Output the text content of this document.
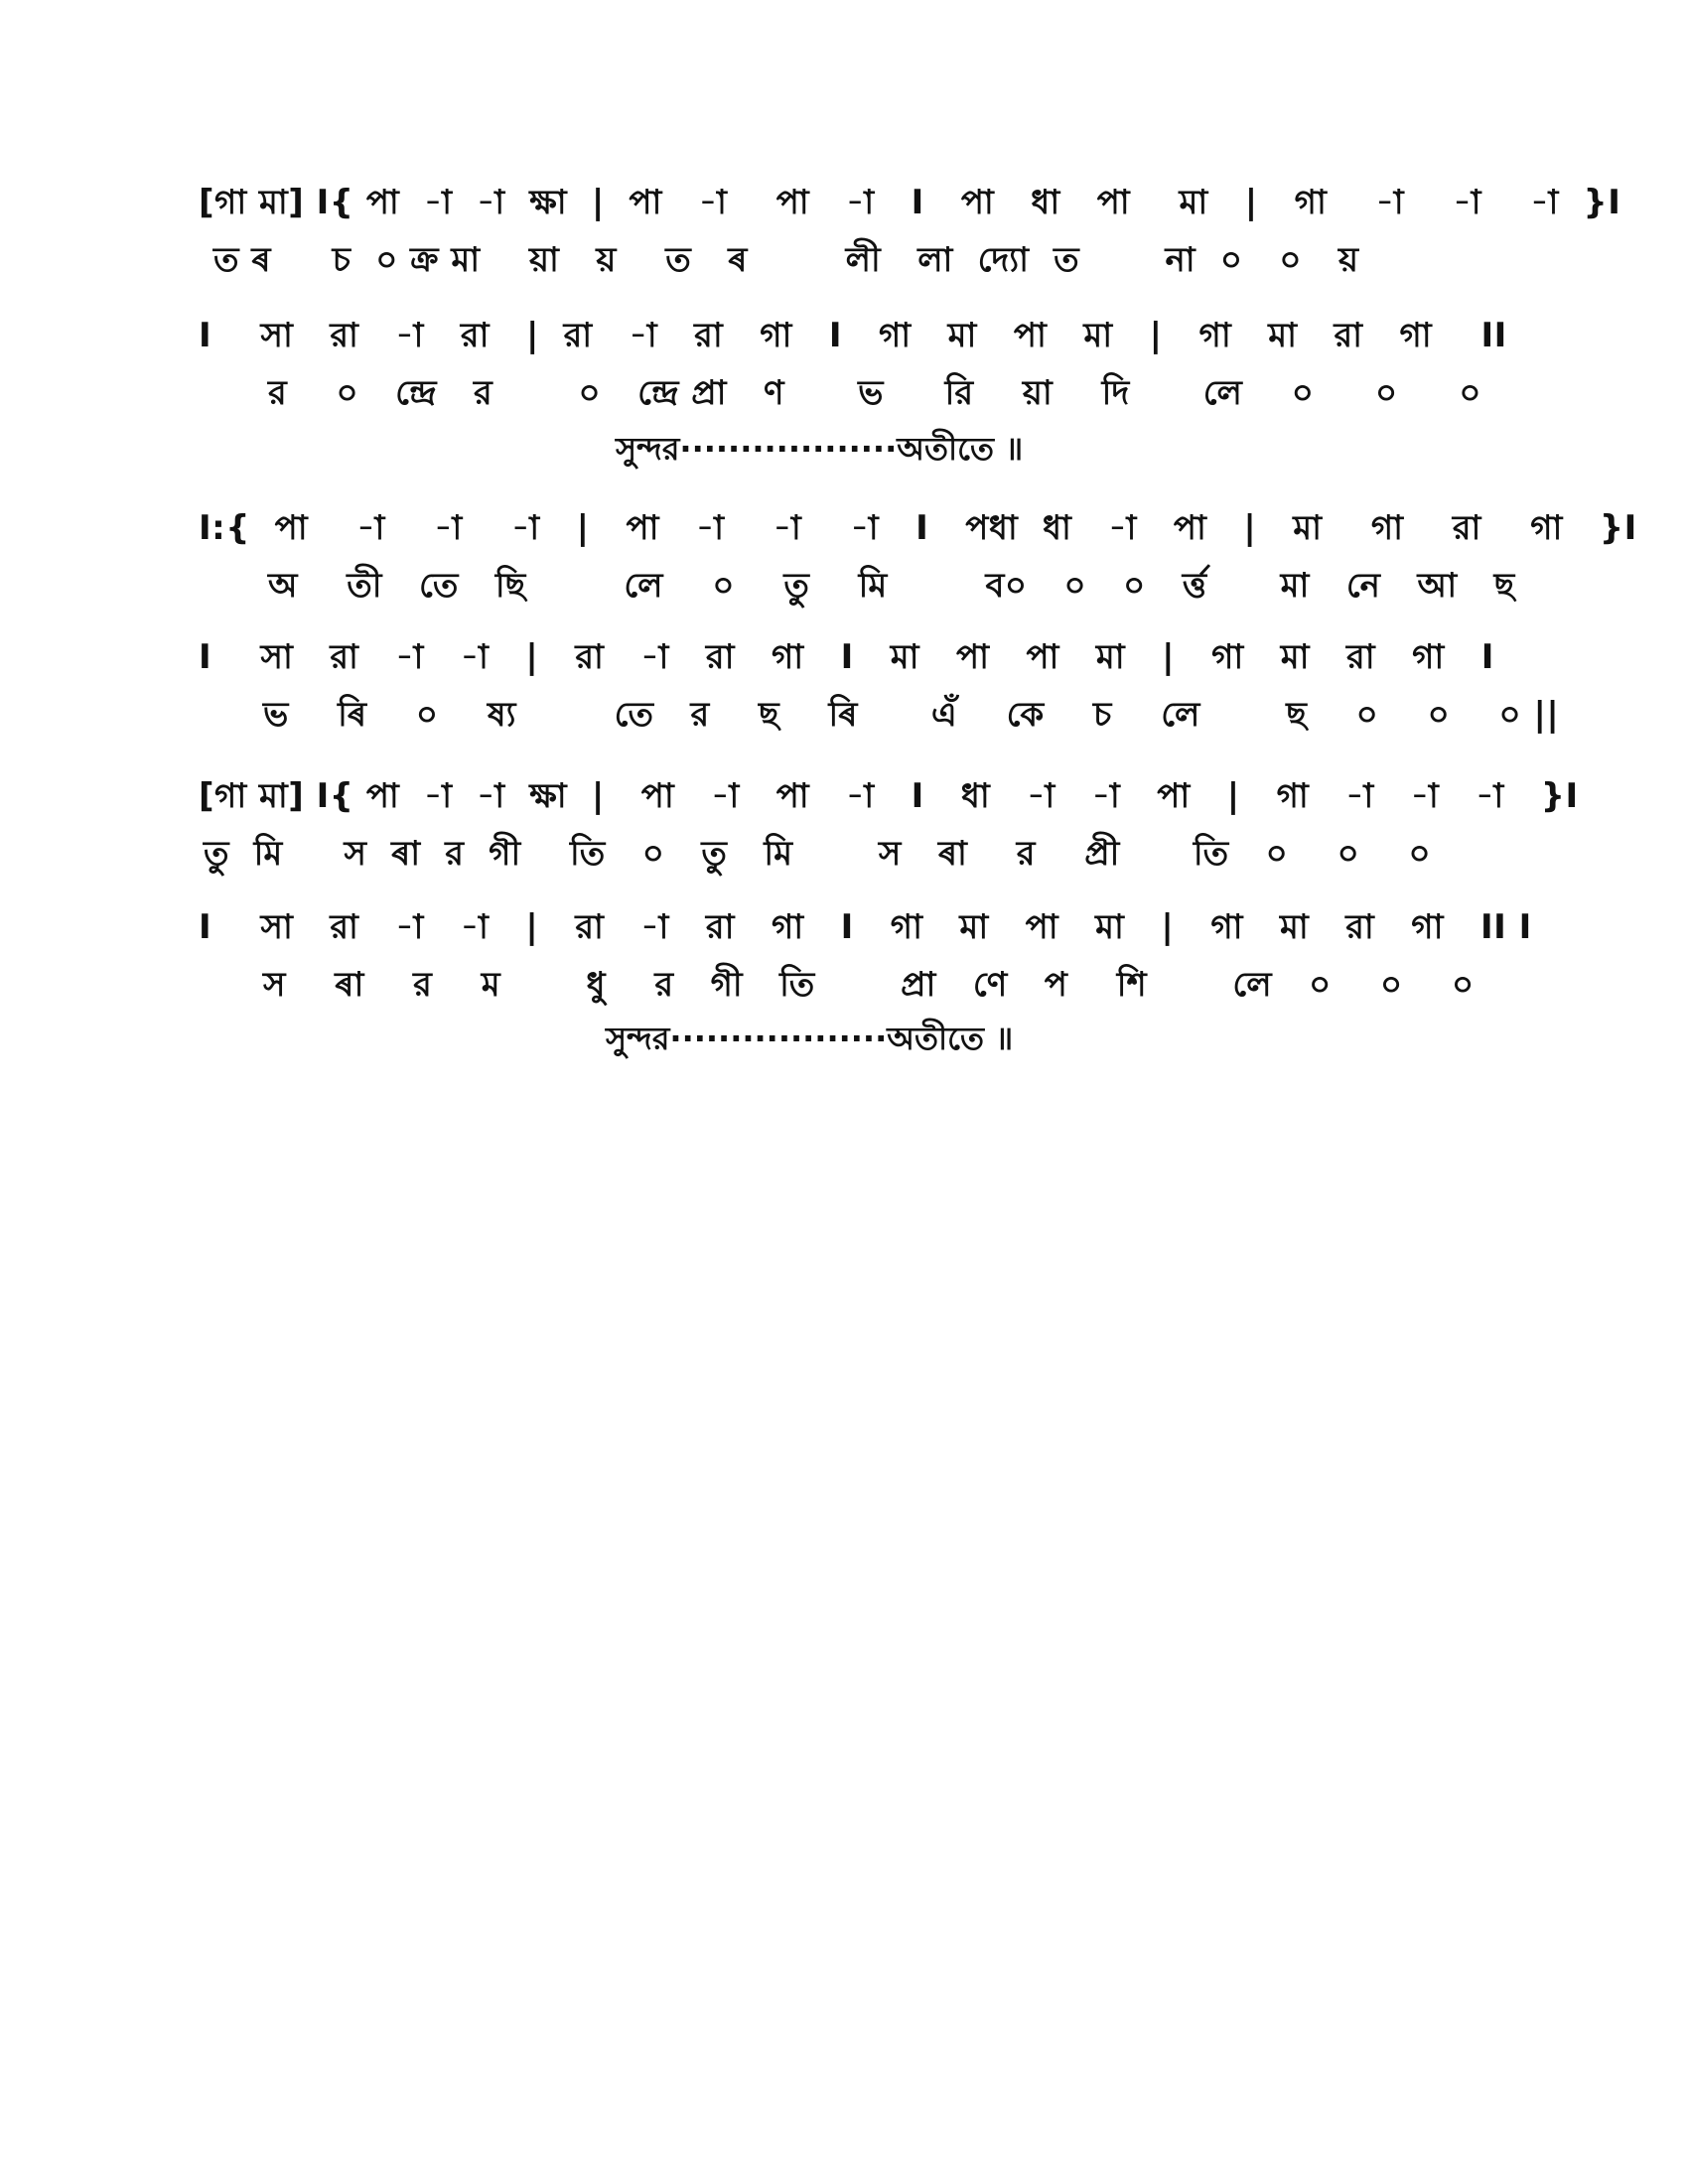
[গা মা] I{ পা  -া  -া  ক্ষা  |  পা   -া    পা   -া   I   পা   ধা   পা    মা   |   গা    -া    -া    -া  }I
ত ৰ     চ  ০ ক্র মা    য়া   য়    ত   ৰ        লী   লা  দ্যো  ত       না  ০   ০   য়
I    সা   রা   -া   রা   |  রা   -া   রা   গা   I   গা   মা   পা   মা   |   গা   মা   রা   গা    II
র    ০   ন্দ্রে   র       ০   ন্দ্রে প্রা   ণ      ভ     রি    য়া    দি      লে    ০     ০     ০
সুন্দর··················অতীতে ॥
I:{  পা    -া    -া    -া   |   পা   -া    -া    -া   I   পধা  ধা   -া   পা   |   মা    গা    রা    গা   }I
অ    তী   তে   ছি        লে    ০    তু    মি        ব০   ০   ০   র্ত্ত      মা   নে   আ   ছ
I    সা   রা   -া   -া   |   রা   -া   রা   গা   I   মা   পা   পা   মা   |   গা   মা   রা   গা   I
ভ    ৰি    ০    ষ্য        তে   র    ছ    ৰি      এঁ    কে    চ    লে       ছ    ০    ০    ০ ||
[গা মা] I{ পা  -া  -া  ক্ষা  |   পা   -া   পা   -া   I   ধা   -া   -া   পা   |   গা   -া   -া   -া   }I
তু  মি     স  ৰা  র  গী    তি   ০   তু   মি       স   ৰা    র    প্রী      তি   ০    ০    ০
I    সা   রা   -া   -া   |   রা   -া   রা   গা   I   গা   মা   পা   মা   |   গা   মা   রা   গা   II I
স    ৰা    র    ম       ধু    র   গী   তি       প্রা   ণে   প    শি       লে   ০    ০    ০
সুন্দর··················অতীতে ॥
